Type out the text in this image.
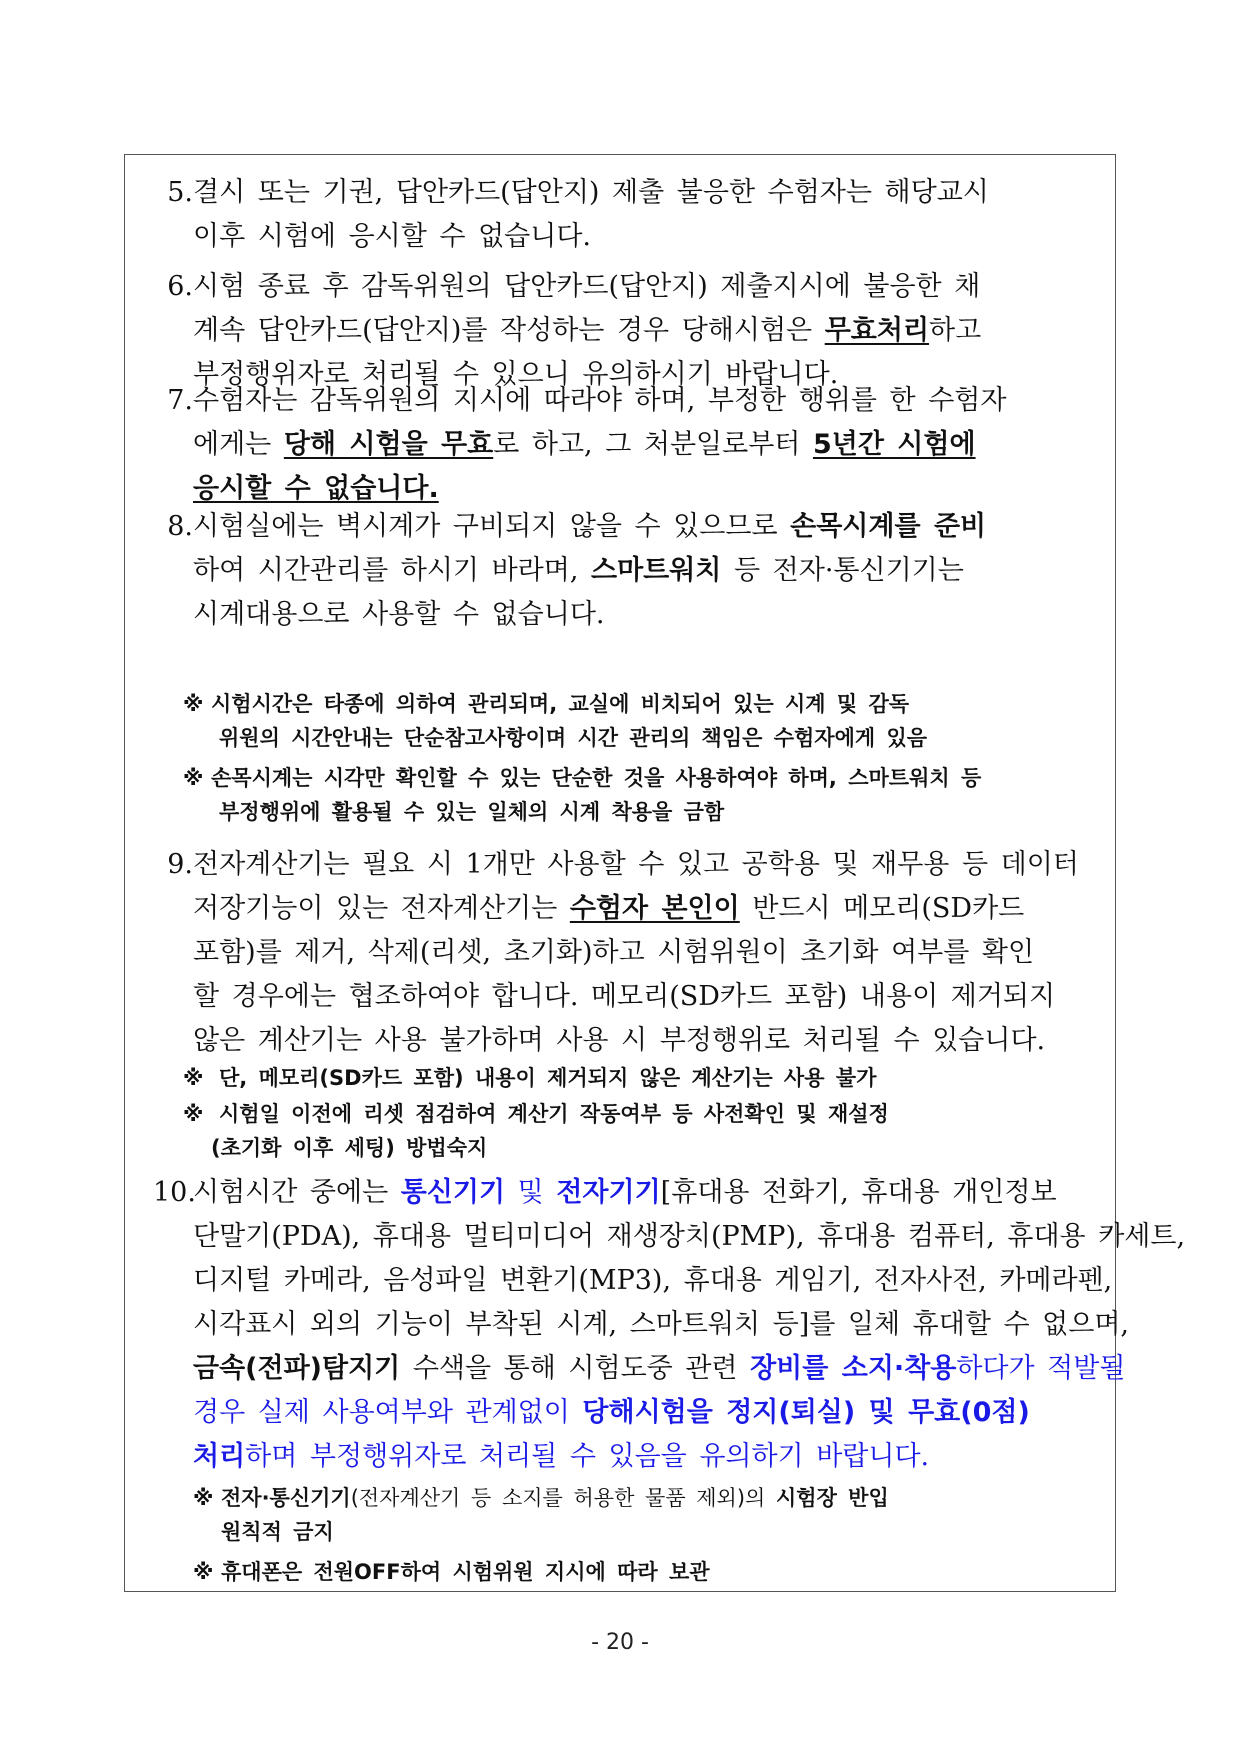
5. 결시 또는 기권, 답안카드(답안지) 제출 불응한 수험자는 해당교시
이후 시험에 응시할 수 없습니다.
6. 시험 종료 후 감독위원의 답안카드(답안지) 제출지시에 불응한 채
계속 답안카드(답안지)를 작성하는 경우 당해시험은 무효처리하고
부정행위자로 처리될 수 있으니 유의하시기 바랍니다.
7. 수험자는 감독위원의 지시에 따라야 하며, 부정한 행위를 한 수험자
에게는 당해 시험을 무효로 하고, 그 처분일로부터 5년간 시험에
응시할 수 없습니다.
8. 시험실에는 벽시계가 구비되지 않을 수 있으므로 손목시계를 준비
하여 시간관리를 하시기 바라며, 스마트워치 등 전자·통신기기는
시계대용으로 사용할 수 없습니다.
※ 시험시간은 타종에 의하여 관리되며, 교실에 비치되어 있는 시계 및 감독
위원의 시간안내는 단순참고사항이며 시간 관리의 책임은 수험자에게 있음
※ 손목시계는 시각만 확인할 수 있는 단순한 것을 사용하여야 하며, 스마트워치 등
부정행위에 활용될 수 있는 일체의 시계 착용을 금함
9. 전자계산기는 필요 시 1개만 사용할 수 있고 공학용 및 재무용 등 데이터
저장기능이 있는 전자계산기는 수험자 본인이 반드시 메모리(SD카드
포함)를 제거, 삭제(리셋, 초기화)하고 시험위원이 초기화 여부를 확인
할 경우에는 협조하여야 합니다. 메모리(SD카드 포함) 내용이 제거되지
않은 계산기는 사용 불가하며 사용 시 부정행위로 처리될 수 있습니다.
※ 단, 메모리(SD카드 포함) 내용이 제거되지 않은 계산기는 사용 불가
※ 시험일 이전에 리셋 점검하여 계산기 작동여부 등 사전확인 및 재설정
(초기화 이후 세팅) 방법숙지
10.
시험시간 중에는 통신기기 및 전자기기[휴대용 전화기, 휴대용 개인정보
단말기(PDA), 휴대용 멀티미디어 재생장치(PMP), 휴대용 컴퓨터, 휴대용 카세트,
디지털 카메라, 음성파일 변환기(MP3), 휴대용 게임기, 전자사전, 카메라펜,
시각표시 외의 기능이 부착된 시계, 스마트워치 등]를 일체 휴대할 수 없으며,
금속(전파)탐지기 수색을 통해 시험도중 관련 장비를 소지·착용하다가 적발될
경우 실제 사용여부와 관계없이 당해시험을 정지(퇴실) 및 무효(0점)
처리하며 부정행위자로 처리될 수 있음을 유의하기 바랍니다.
※ 전자·통신기기(전자계산기 등 소지를 허용한 물품 제외)의 시험장 반입
원칙적 금지
※ 휴대폰은 전원OFF하여 시험위원 지시에 따라 보관
- 20 -
